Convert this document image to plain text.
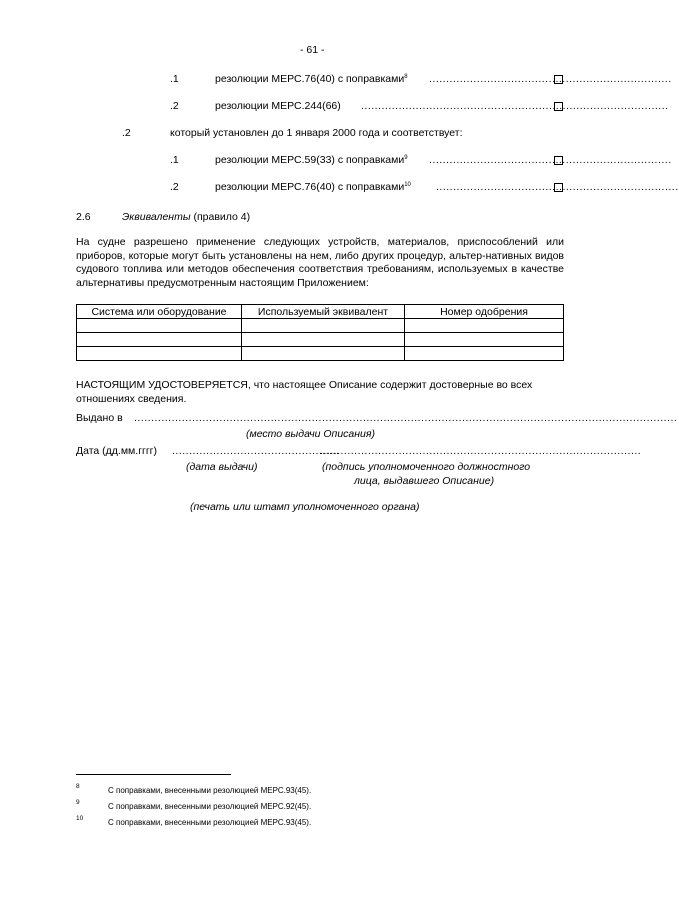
- 61 -
.1	резолюции МЕРС.76(40) с поправками$^8$ .......................................................................
.2	резолюции МЕРС.244(66) ..........................................................................................
.2	который установлен до 1 января 2000 года и соответствует:
.1	резолюции МЕРС.59(33) с поправками$^9$ .......................................................................
.2	резолюции МЕРС.76(40) с поправками$^{10}$ .......................................................................
2.6	Эквиваленты (правило 4)
На судне разрешено применение следующих устройств, материалов, приспособлений или приборов, которые могут быть установлены на нем, либо других процедур, альтер-нативных видов судового топлива или методов обеспечения соответствия требованиям, используемых в качестве альтернативы предусмотренным настоящим Приложением:
Система или оборудование	Используемый эквивалент	Номер одобрения

НАСТОЯЩИМ УДОСТОВЕРЯЕТСЯ, что настоящее Описание содержит достоверные во всех отношениях сведения.
Выдано в ...............................................................................................................................................................
(место выдачи Описания)
Дата (дд.мм.гггг) .................................................
..............................................................................................
(дата выдачи)	(подпись уполномоченного должностного
лица, выдавшего Описание)
(печать или штамп уполномоченного органа)
8	С поправками, внесенными резолюцией МЕРС.93(45).
9	С поправками, внесенными резолюцией МЕРС.92(45).
10	С поправками, внесенными резолюцией МЕРС.93(45).
